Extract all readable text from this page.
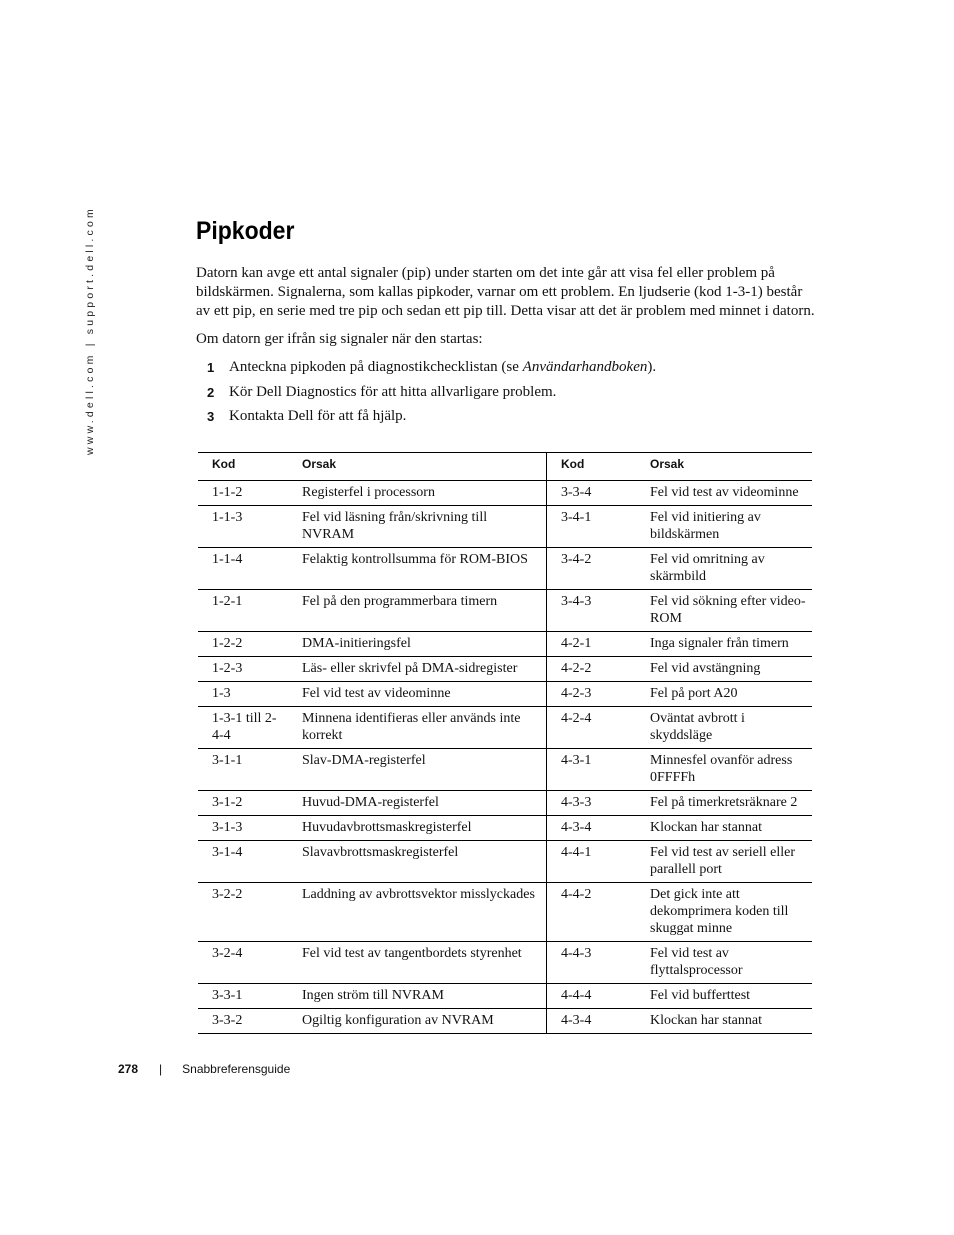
www.dell.com | support.dell.com	Pipkoder

Datorn kan avge ett antal signaler (pip) under starten om det inte går att visa fel eller problem på bildskärmen. Signalerna, som kallas pipkoder, varnar om ett problem. En ljudserie (kod 1-3-1) består av ett pip, en serie med tre pip och sedan ett pip till. Detta visar att det är problem med minnet i datorn.

Om datorn ger ifrån sig signaler när den startas:

1 Anteckna pipkoden på diagnostikchecklistan (se Användarhandboken).
2 Kör Dell Diagnostics för att hitta allvarligare problem.
3 Kontakta Dell för att få hjälp.
Kod	Orsak	Kod	Orsak
1-1-2	Registerfel i processorn	3-3-4	Fel vid test av videominne
1-1-3	Fel vid läsning från/skrivning till NVRAM	3-4-1	Fel vid initiering av bildskärmen
1-1-4	Felaktig kontrollsumma för ROM-BIOS	3-4-2	Fel vid omritning av skärmbild
1-2-1	Fel på den programmerbara timern	3-4-3	Fel vid sökning efter video-ROM
1-2-2	DMA-initieringsfel	4-2-1	Inga signaler från timern
1-2-3	Läs- eller skrivfel på DMA-sidregister	4-2-2	Fel vid avstängning
1-3	Fel vid test av videominne	4-2-3	Fel på port A20
1-3-1 till 2-4-4	Minnena identifieras eller används inte korrekt	4-2-4	Oväntat avbrott i skyddsläge
3-1-1	Slav-DMA-registerfel	4-3-1	Minnesfel ovanför adress 0FFFFh
3-1-2	Huvud-DMA-registerfel	4-3-3	Fel på timerkretsräknare 2
3-1-3	Huvudavbrottsmaskregisterfel	4-3-4	Klockan har stannat
3-1-4	Slavavbrottsmaskregisterfel	4-4-1	Fel vid test av seriell eller parallell port
3-2-2	Laddning av avbrottsvektor misslyckades	4-4-2	Det gick inte att dekomprimera koden till skuggat minne
3-2-4	Fel vid test av tangentbordets styrenhet	4-4-3	Fel vid test av flyttalsprocessor
3-3-1	Ingen ström till NVRAM	4-4-4	Fel vid bufferttest
3-3-2	Ogiltig konfiguration av NVRAM	4-3-4	Klockan har stannat
278 | Snabbreferensguide
